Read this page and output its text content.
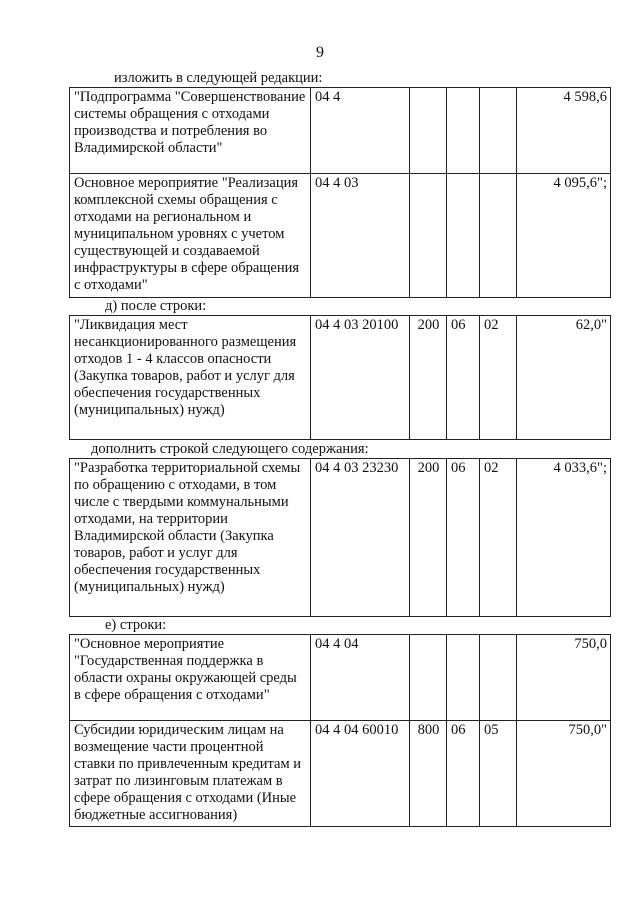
9
изложить в следующей редакции:
"Подпрограмма "Совершенствование системы обращения с отходами производства и потребления во Владимирской области"	04 4				4 598,6
Основное мероприятие "Реализация комплексной схемы обращения с отходами на региональном и муниципальном уровнях с учетом существующей и создаваемой инфраструктуры в сфере обращения с отходами"	04 4 03				4 095,6";
д) после строки:
"Ликвидация мест несанкционированного размещения отходов 1 - 4 классов опасности (Закупка товаров, работ и услуг для обеспечения государственных (муниципальных) нужд)	04 4 03 20100	200	06	02	62,0"
дополнить строкой следующего содержания:
"Разработка территориальной схемы по обращению с отходами, в том числе с твердыми коммунальными отходами, на территории Владимирской области (Закупка товаров, работ и услуг для обеспечения государственных (муниципальных) нужд)	04 4 03 23230	200	06	02	4 033,6";
е) строки:
"Основное мероприятие "Государственная поддержка в области охраны окружающей среды в сфере обращения с отходами"	04 4 04				750,0
Субсидии юридическим лицам на возмещение части процентной ставки по привлеченным кредитам и затрат по лизинговым платежам в сфере обращения с отходами (Иные бюджетные ассигнования)	04 4 04 60010	800	06	05	750,0"
